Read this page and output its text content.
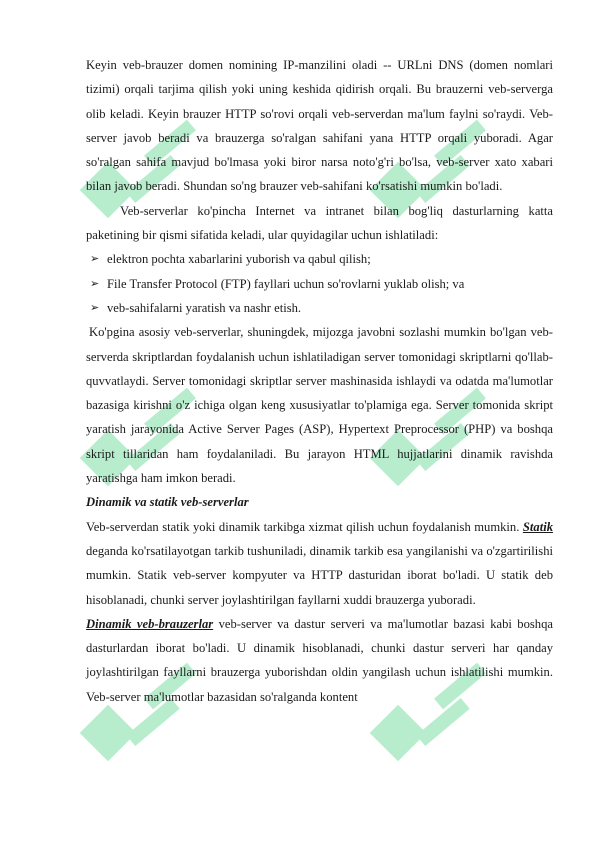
Keyin veb-brauzer domen nomining IP-manzilini oladi -- URLni DNS (domen nomlari tizimi) orqali tarjima qilish yoki uning keshida qidirish orqali. Bu brauzerni veb-serverga olib keladi. Keyin brauzer HTTP so'rovi orqali veb-serverdan ma'lum faylni so'raydi. Veb-server javob beradi va brauzerga so'ralgan sahifani yana HTTP orqali yuboradi. Agar so'ralgan sahifa mavjud bo'lmasa yoki biror narsa noto'g'ri bo'lsa, veb-server xato xabari bilan javob beradi. Shundan so'ng brauzer veb-sahifani ko'rsatishi mumkin bo'ladi.

Veb-serverlar ko'pincha Internet va intranet bilan bog'liq dasturlarning katta paketining bir qismi sifatida keladi, ular quyidagilar uchun ishlatiladi:

➢ elektron pochta xabarlarini yuborish va qabul qilish;
➢ File Transfer Protocol (FTP) fayllari uchun so'rovlarni yuklab olish; va
➢ veb-sahifalarni yaratish va nashr etish.

Ko'pgina asosiy veb-serverlar, shuningdek, mijozga javobni sozlashi mumkin bo'lgan veb-serverda skriptlardan foydalanish uchun ishlatiladigan server tomonidagi skriptlarni qo'llab-quvvatlaydi. Server tomonidagi skriptlar server mashinasida ishlaydi va odatda ma'lumotlar bazasiga kirishni o'z ichiga olgan keng xususiyatlar to'plamiga ega. Server tomonida skript yaratish jarayonida Active Server Pages (ASP), Hypertext Preprocessor (PHP) va boshqa skript tillaridan ham foydalaniladi. Bu jarayon HTML hujjatlarini dinamik ravishda yaratishga ham imkon beradi.

Dinamik va statik veb-serverlar

Veb-serverdan statik yoki dinamik tarkibga xizmat qilish uchun foydalanish mumkin. Statik deganda ko'rsatilayotgan tarkib tushuniladi, dinamik tarkib esa yangilanishi va o'zgartirilishi mumkin. Statik veb-server kompyuter va HTTP dasturidan iborat bo'ladi. U statik deb hisoblanadi, chunki server joylashtirilgan fayllarni xuddi brauzerga yuboradi.

Dinamik veb-brauzerlar veb-server va dastur serveri va ma'lumotlar bazasi kabi boshqa dasturlardan iborat bo'ladi. U dinamik hisoblanadi, chunki dastur serveri har qanday joylashtirilgan fayllarni brauzerga yuborishdan oldin yangilash uchun ishlatilishi mumkin. Veb-server ma'lumotlar bazasidan so'ralganda kontent
